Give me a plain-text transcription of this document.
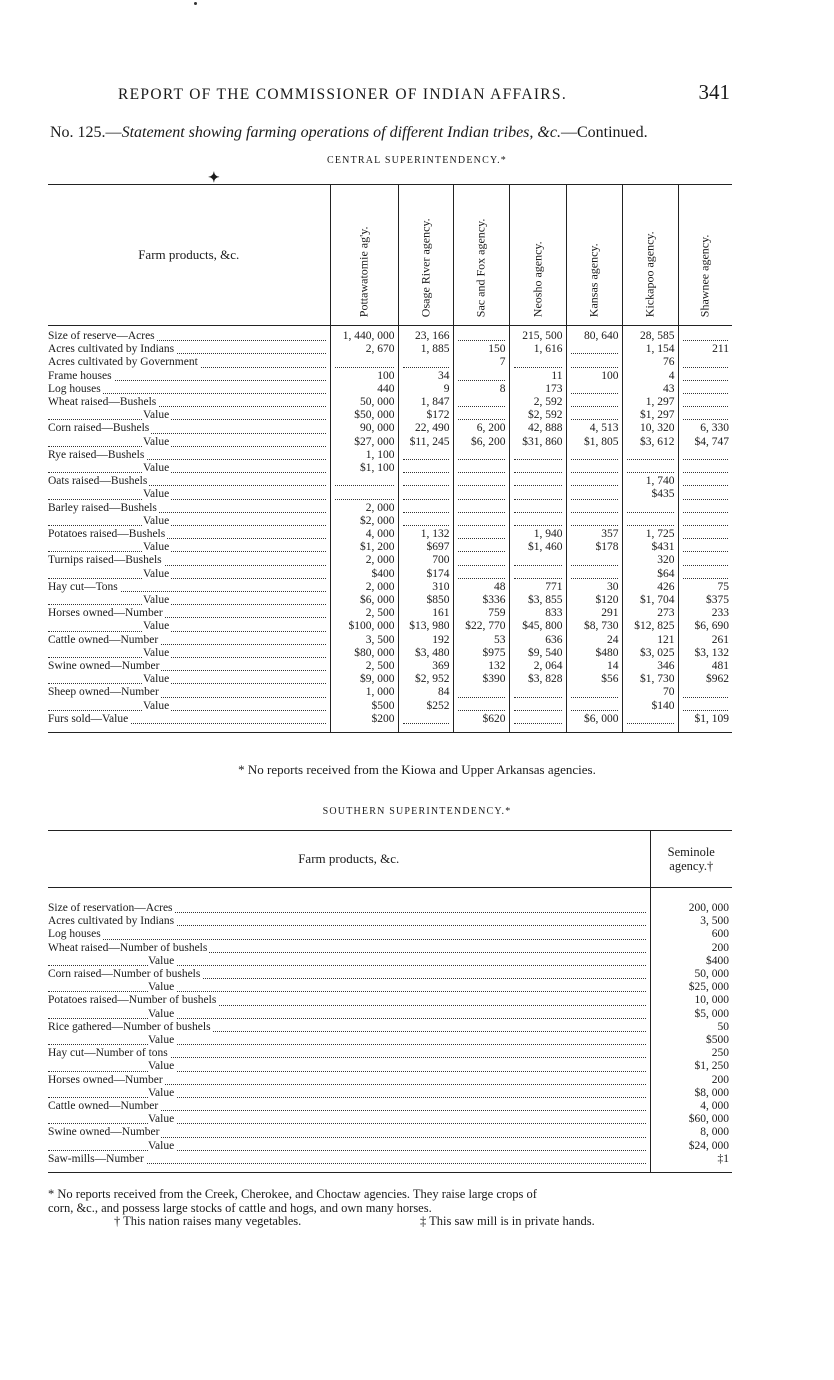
REPORT OF THE COMMISSIONER OF INDIAN AFFAIRS.	341
No. 125.—Statement showing farming operations of different Indian tribes, &c.—Continued.
CENTRAL SUPERINTENDENCY.*
✦
Farm products, &c.	Pottawatomie ag'y.	Osage River agency.	Sac and Fox agency.	Neosho agency.	Kansas agency.	Kickapoo agency.	Shawnee agency.

Size of reserve—Acres	1, 440, 000	23, 166		215, 500	80, 640	28, 585	

Acres cultivated by Indians	2, 670	1, 885	150	1, 616		1, 154	211
Acres cultivated by Government			7			76	

Frame houses	100	34		11	100	4	

Log houses	440	9	8	173		43	

Wheat raised—Bushels	50, 000	1, 847		2, 592		1, 297	

Value	$50, 000	$172		$2, 592		$1, 297	

Corn raised—Bushels	90, 000	22, 490	6, 200	42, 888	4, 513	10, 320	6, 330
Value	$27, 000	$11, 245	$6, 200	$31, 860	$1, 805	$3, 612	$4, 747
Rye raised—Bushels	1, 100	

Value	$1, 100	

Oats raised—Bushels						1, 740	

Value						$435	

Barley raised—Bushels	2, 000	

Value	$2, 000	

Potatoes raised—Bushels	4, 000	1, 132		1, 940	357	1, 725	

Value	$1, 200	$697		$1, 460	$178	$431	

Turnips raised—Bushels	2, 000	700				320	

Value	$400	$174				$64	

Hay cut—Tons	2, 000	310	48	771	30	426	75
Value	$6, 000	$850	$336	$3, 855	$120	$1, 704	$375
Horses owned—Number	2, 500	161	759	833	291	273	233
Value	$100, 000	$13, 980	$22, 770	$45, 800	$8, 730	$12, 825	$6, 690
Cattle owned—Number	3, 500	192	53	636	24	121	261
Value	$80, 000	$3, 480	$975	$9, 540	$480	$3, 025	$3, 132
Swine owned—Number	2, 500	369	132	2, 064	14	346	481
Value	$9, 000	$2, 952	$390	$3, 828	$56	$1, 730	$962
Sheep owned—Number	1, 000	84				70	

Value	$500	$252				$140	

Furs sold—Value	$200		$620		$6, 000		$1, 109

* No reports received from the Kiowa and Upper Arkansas agencies.
SOUTHERN SUPERINTENDENCY.*
Farm products, &c.	Seminole
agency.†

Size of reservation—Acres	200, 000
Acres cultivated by Indians	3, 500
Log houses	600
Wheat raised—Number of bushels	200
Value	$400
Corn raised—Number of bushels	50, 000
Value	$25, 000
Potatoes raised—Number of bushels	10, 000
Value	$5, 000
Rice gathered—Number of bushels	50
Value	$500
Hay cut—Number of tons	250
Value	$1, 250
Horses owned—Number	200
Value	$8, 000
Cattle owned—Number	4, 000
Value	$60, 000
Swine owned—Number	8, 000
Value	$24, 000
Saw-mills—Number	‡1

* No reports received from the Creek, Cherokee, and Choctaw agencies. They raise large crops of
corn, &c., and possess large stocks of cattle and hogs, and own many horses.
† This nation raises many vegetables.	‡ This saw mill is in private hands.
